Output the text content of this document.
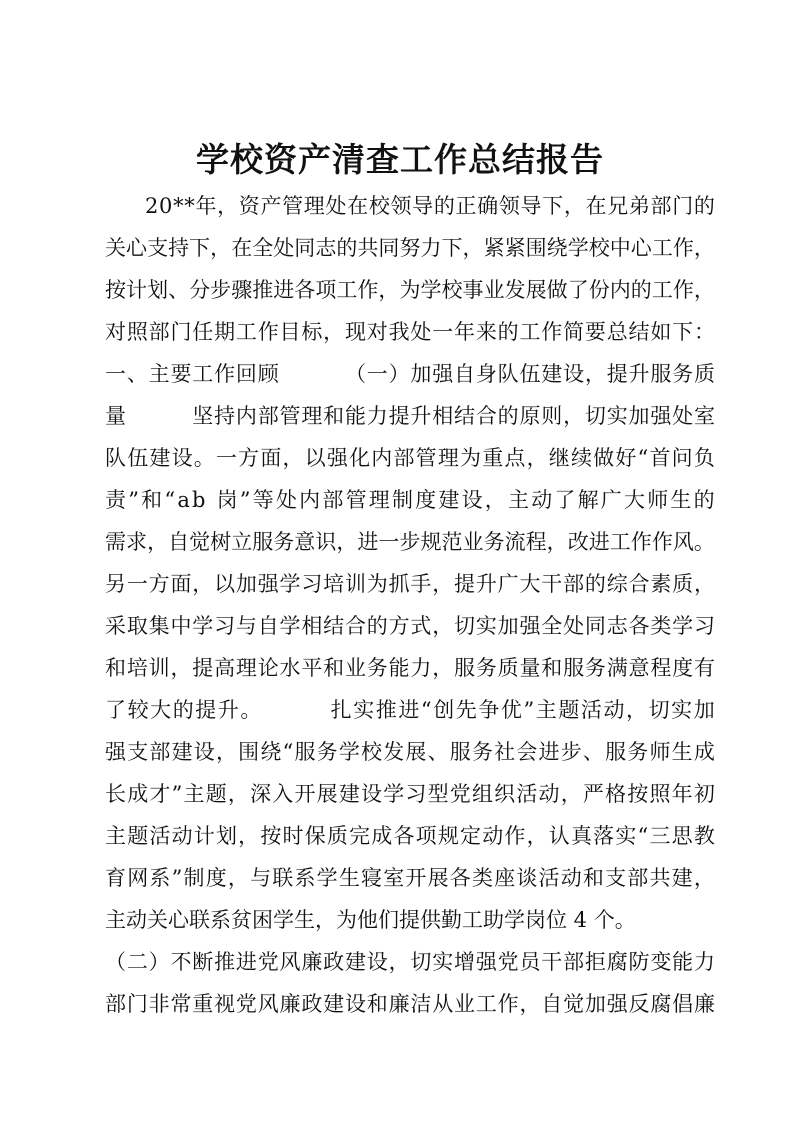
学校资产清查工作总结报告
2 0 * * 年 ， 资 产 管 理 处 在 校 领 导 的 正 确 领 导 下 ， 在 兄 弟 部 门 的
关 心 支 持 下 ， 在 全 处 同 志 的 共 同 努 力 下 ， 紧 紧 围 绕 学 校 中 心 工 作 ，
按 计 划 、 分 步 骤 推 进 各 项 工 作 ， 为 学 校 事 业 发 展 做 了 份 内 的 工 作 ，
对 照 部 门 任 期 工 作 目 标 ， 现 对 我 处 一 年 来 的 工 作 简 要 总 结 如 下 ：
一 、 主 要 工 作 回 顾

　	（ 一 ） 加 强 自 身 队 伍 建 设 ， 提 升 服 务 质
量

　	坚 持 内 部 管 理 和 能 力 提 升 相 结 合 的 原 则 ， 切 实 加 强 处 室
队 伍 建 设 。 一 方 面 ， 以 强 化 内 部 管 理 为 重 点 ， 继 续 做 好 “ 首 问 负
责 ” 和 “ a b
岗 ” 等 处 内 部 管 理 制 度 建 设 ， 主 动 了 解 广 大 师 生 的
需 求 ， 自 觉 树 立 服 务 意 识 ， 进 一 步 规 范 业 务 流 程 ， 改 进 工 作 作 风 。
另 一 方 面 ， 以 加 强 学 习 培 训 为 抓 手 ， 提 升 广 大 干 部 的 综 合 素 质 ，
采 取 集 中 学 习 与 自 学 相 结 合 的 方 式 ， 切 实 加 强 全 处 同 志 各 类 学 习
和 培 训 ， 提 高 理 论 水 平 和 业 务 能 力 ， 服 务 质 量 和 服 务 满 意 程 度 有
了 较 大 的 提 升 。

　	扎 实 推 进 “ 创 先 争 优 ” 主 题 活 动 ， 切 实 加
强 支 部 建 设 ， 围 绕 “ 服 务 学 校 发 展 、 服 务 社 会 进 步 、 服 务 师 生 成
长 成 才 ” 主 题 ， 深 入 开 展 建 设 学 习 型 党 组 织 活 动 ， 严 格 按 照 年 初
主 题 活 动 计 划 ， 按 时 保 质 完 成 各 项 规 定 动 作 ， 认 真 落 实 “ 三 思 教
育 网 系 ” 制 度 ， 与 联 系 学 生 寝 室 开 展 各 类 座 谈 活 动 和 支 部 共 建 ，
主动关心联系贫困学生，为他们提供勤工助学岗位 4 个。
（ 二 ） 不 断 推 进 党 风 廉 政 建 设 ， 切 实 增 强 党 员 干 部 拒 腐 防 变 能 力
部 门 非 常 重 视 党 风 廉 政 建 设 和 廉 洁 从 业 工 作 ， 自 觉 加 强 反 腐 倡 廉
